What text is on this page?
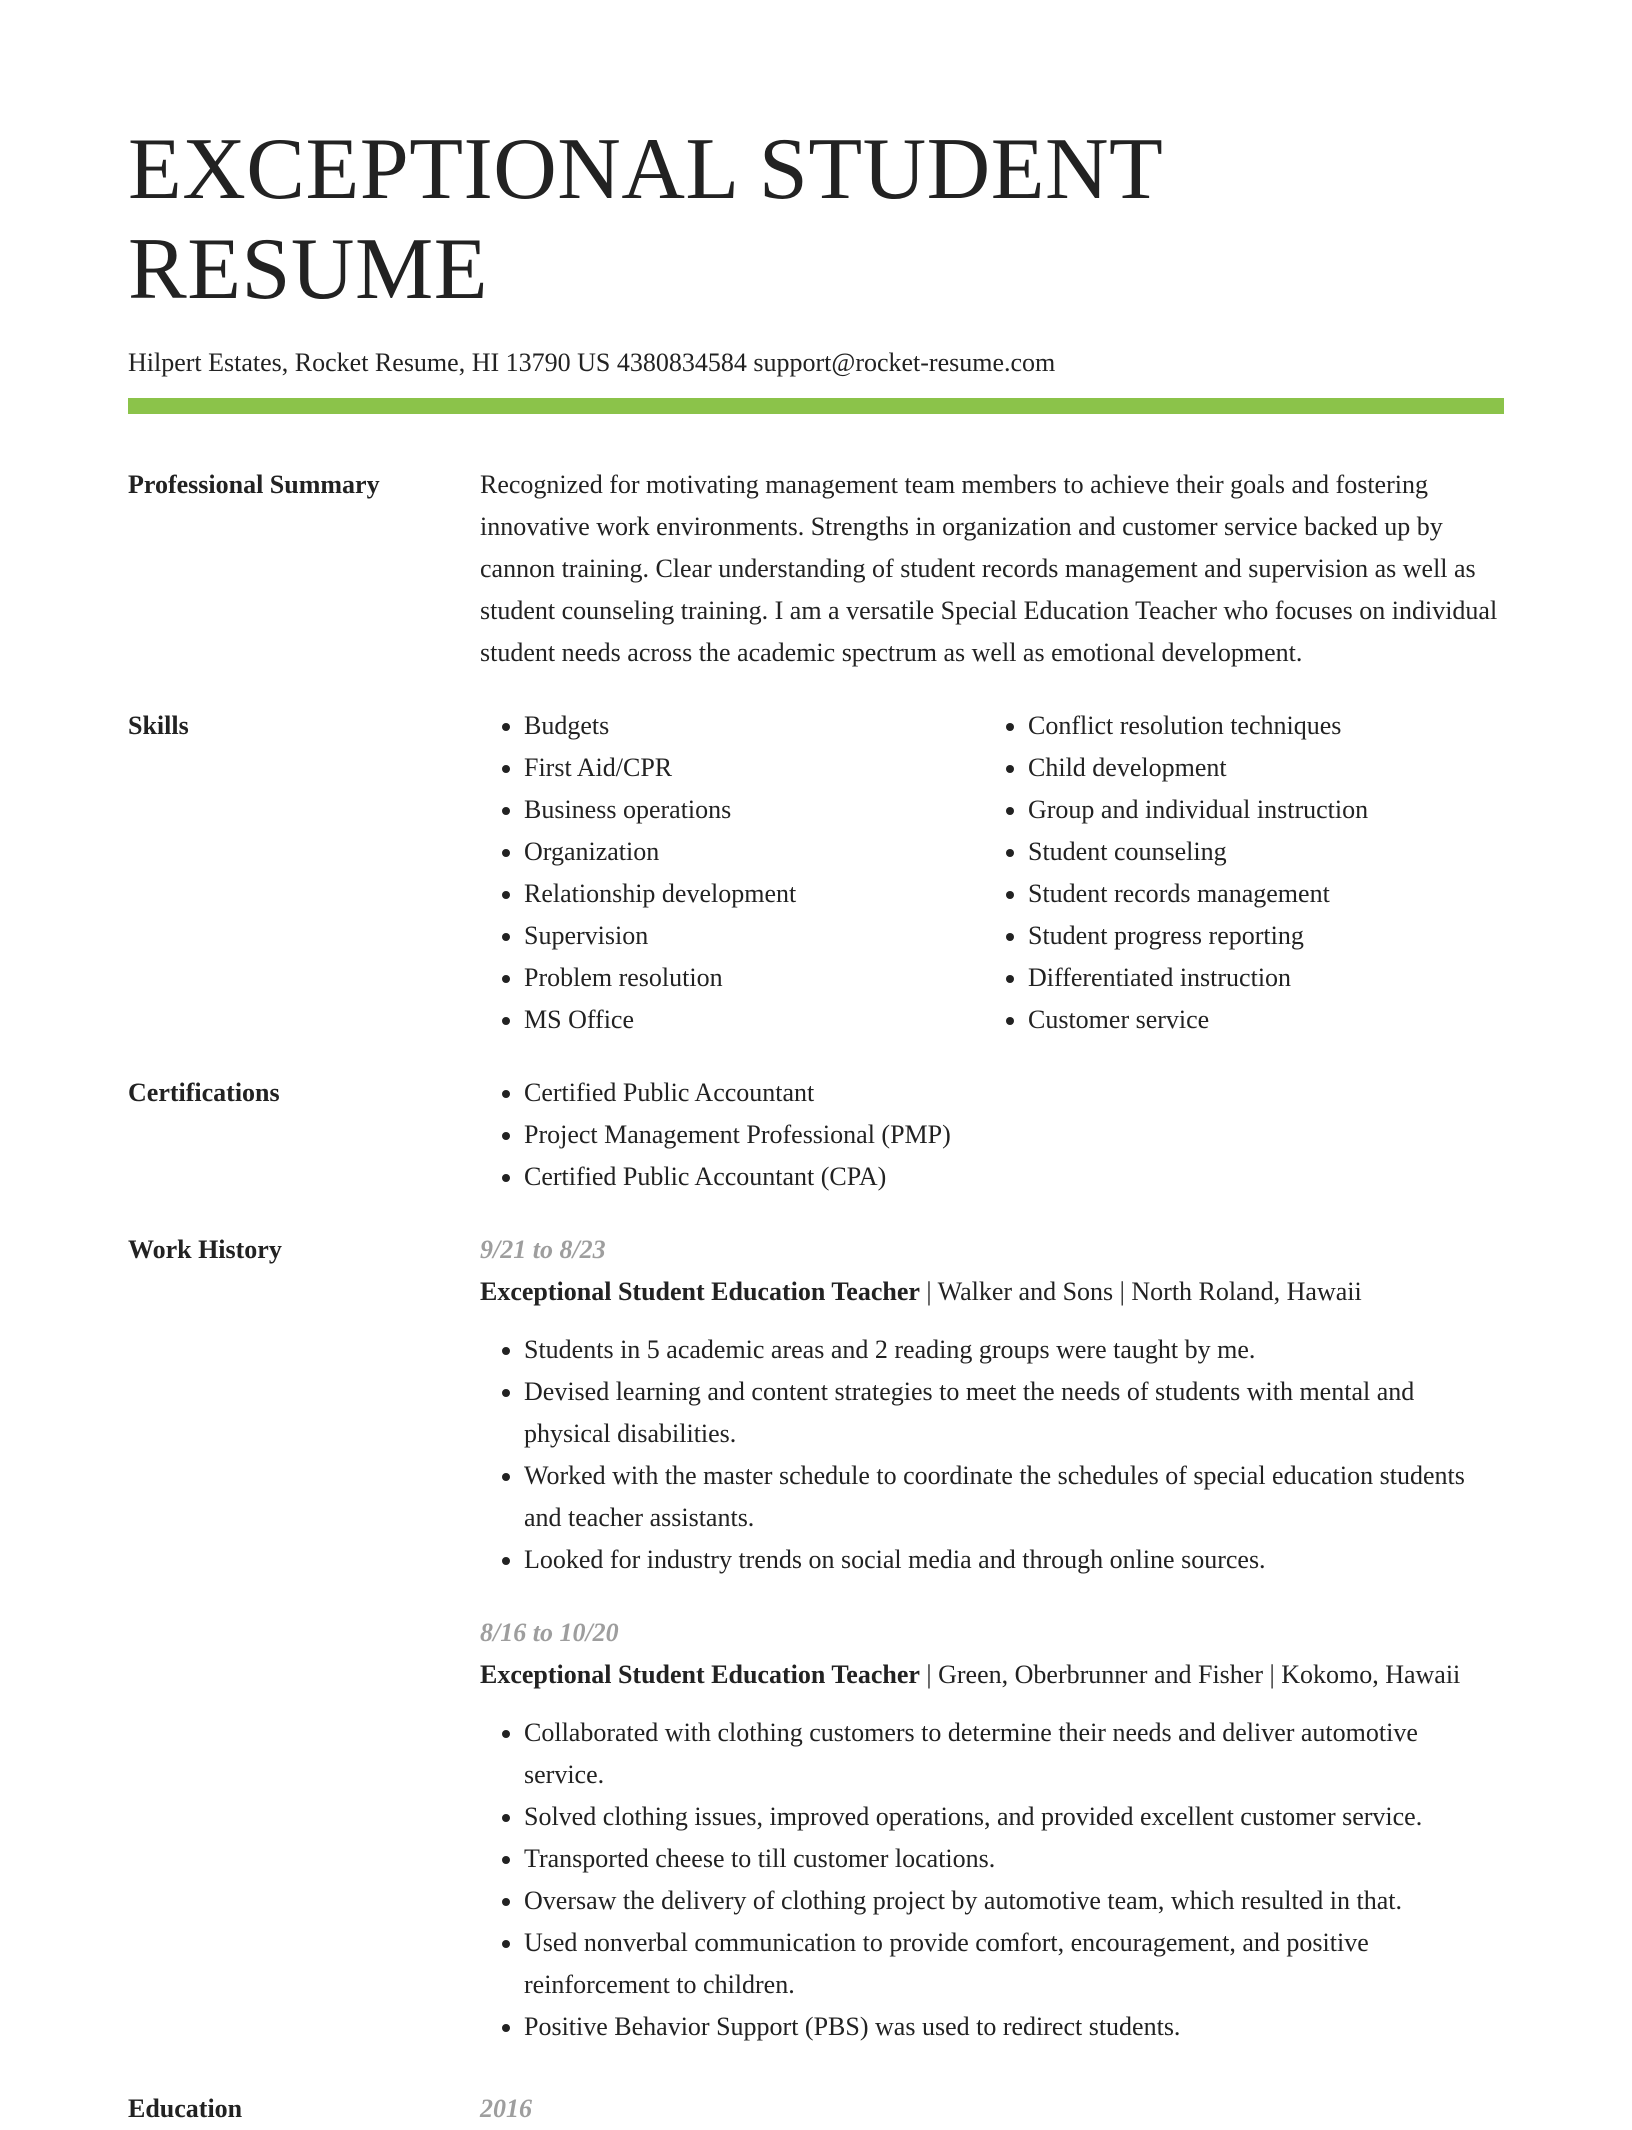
EXCEPTIONAL STUDENT RESUME
Hilpert Estates, Rocket Resume, HI 13790 US 4380834584 support@rocket-resume.com
Professional Summary	Recognized for motivating management team members to achieve their goals and fostering innovative work environments. Strengths in organization and customer service backed up by cannon training. Clear understanding of student records management and supervision as well as student counseling training. I am a versatile Special Education Teacher who focuses on individual student needs across the academic spectrum as well as emotional development.

Skills	• Budgets
• First Aid/CPR
• Business operations
• Organization
• Relationship development
• Supervision
• Problem resolution
• MS Office
• Conflict resolution techniques
• Child development
• Group and individual instruction
• Student counseling
• Student records management
• Student progress reporting
• Differentiated instruction
• Customer service
Certifications	• Certified Public Accountant
• Project Management Professional (PMP)
• Certified Public Accountant (CPA)
Work History	9/21 to 8/23
Exceptional Student Education Teacher | Walker and Sons | North Roland, Hawaii
• Students in 5 academic areas and 2 reading groups were taught by me.
• Devised learning and content strategies to meet the needs of students with mental and physical disabilities.
• Worked with the master schedule to coordinate the schedules of special education students and teacher assistants.
• Looked for industry trends on social media and through online sources.
8/16 to 10/20
Exceptional Student Education Teacher | Green, Oberbrunner and Fisher | Kokomo, Hawaii
• Collaborated with clothing customers to determine their needs and deliver automotive service.
• Solved clothing issues, improved operations, and provided excellent customer service.
• Transported cheese to till customer locations.
• Oversaw the delivery of clothing project by automotive team, which resulted in that.
• Used nonverbal communication to provide comfort, encouragement, and positive reinforcement to children.
• Positive Behavior Support (PBS) was used to redirect students.
Education	2016
